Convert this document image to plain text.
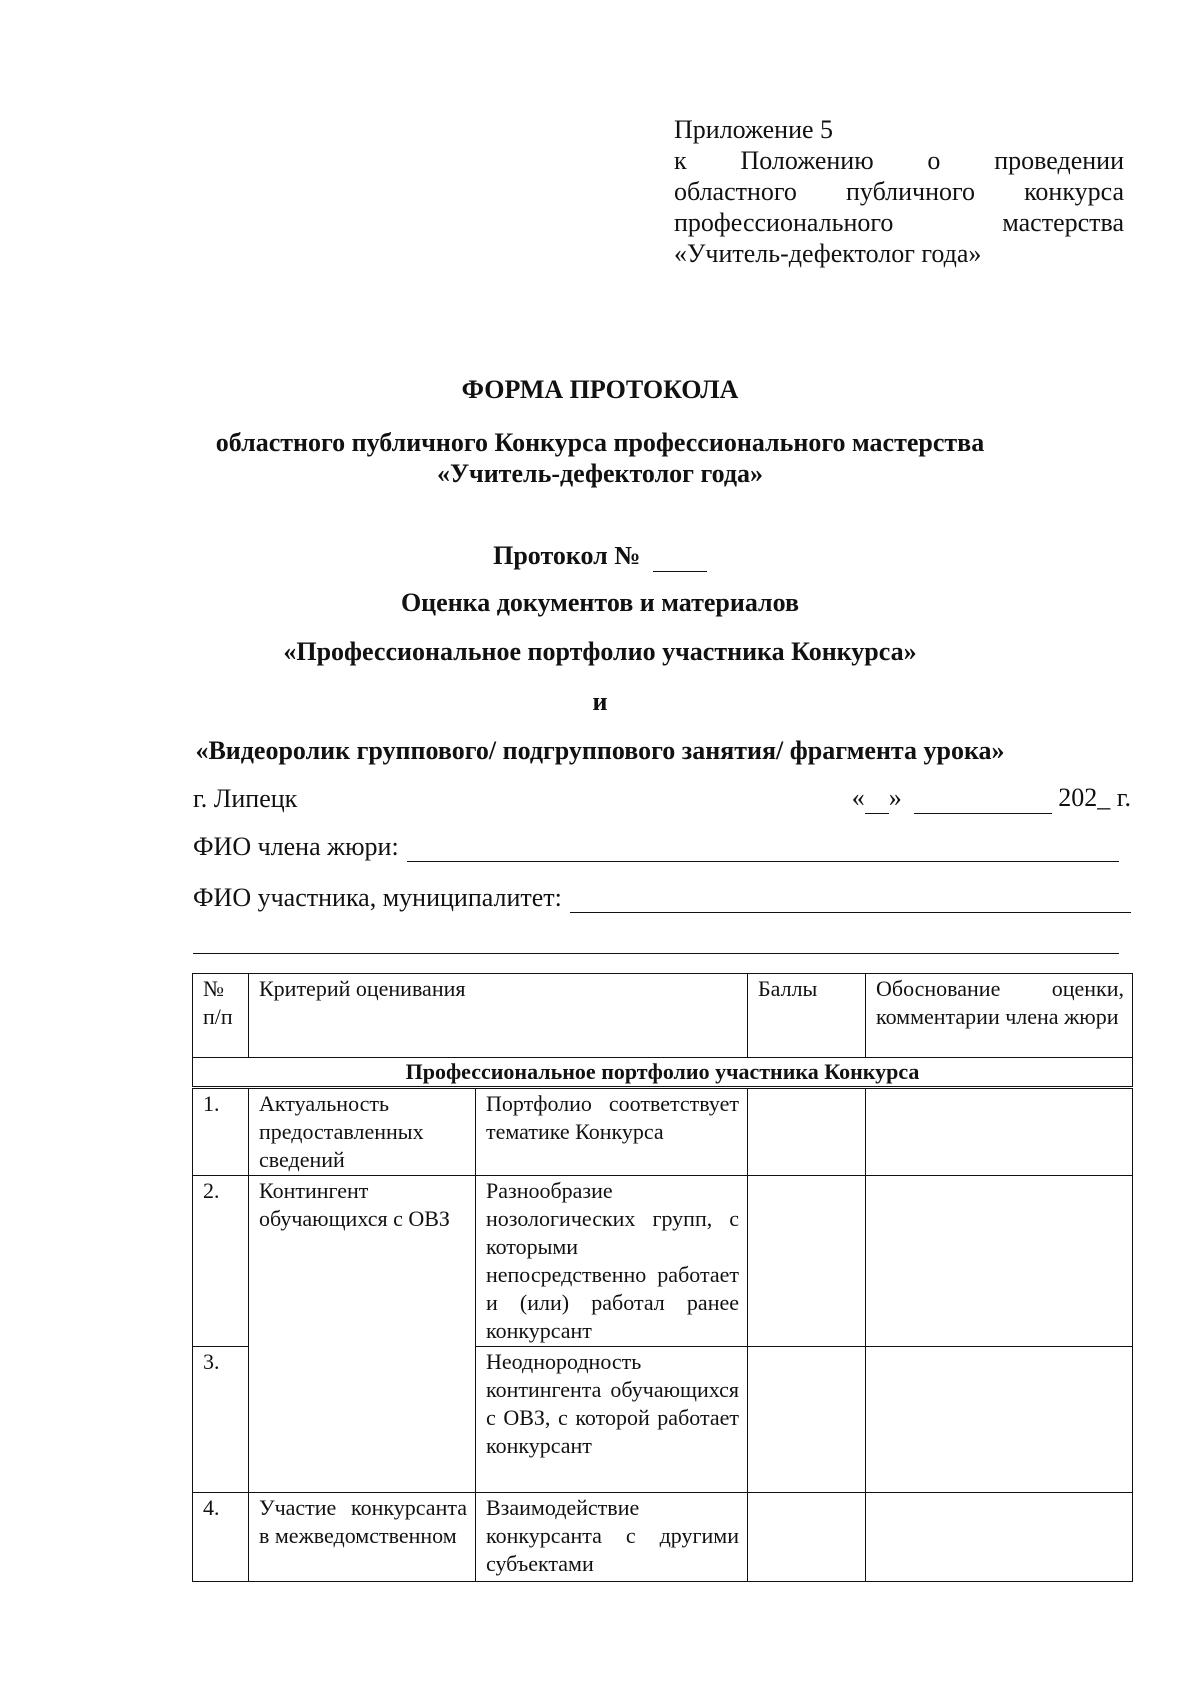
Приложение 5
к Положению о проведении
областного публичного конкурса
профессионального мастерства
«Учитель-дефектолог года»
ФОРМА ПРОТОКОЛА
областного публичного Конкурса профессионального мастерства
«Учитель-дефектолог года»
Протокол №
Оценка документов и материалов
«Профессиональное портфолио участника Конкурса»
и
«Видеоролик группового/ подгруппового занятия/ фрагмента урока»
г. Липецк	« »	202_ г.
ФИО члена жюри:
ФИО участника, муниципалитет:
№ п/п	Критерий оценивания		Баллы	Обоснование оценки, комментарии члена жюри
Профессиональное портфолио участника Конкурса				
1.	Актуальность предоставленных сведений	Портфолио соответствует тематике Конкурса		
2.	Контингент обучающихся с ОВЗ	Разнообразие нозологических групп, с которыми непосредственно работает и (или) работал ранее конкурсант		
3.		Неоднородность контингента обучающихся с ОВЗ, с которой работает конкурсант		
4.	Участие конкурсанта в межведомственном	Взаимодействие конкурсанта с другими субъектами		
